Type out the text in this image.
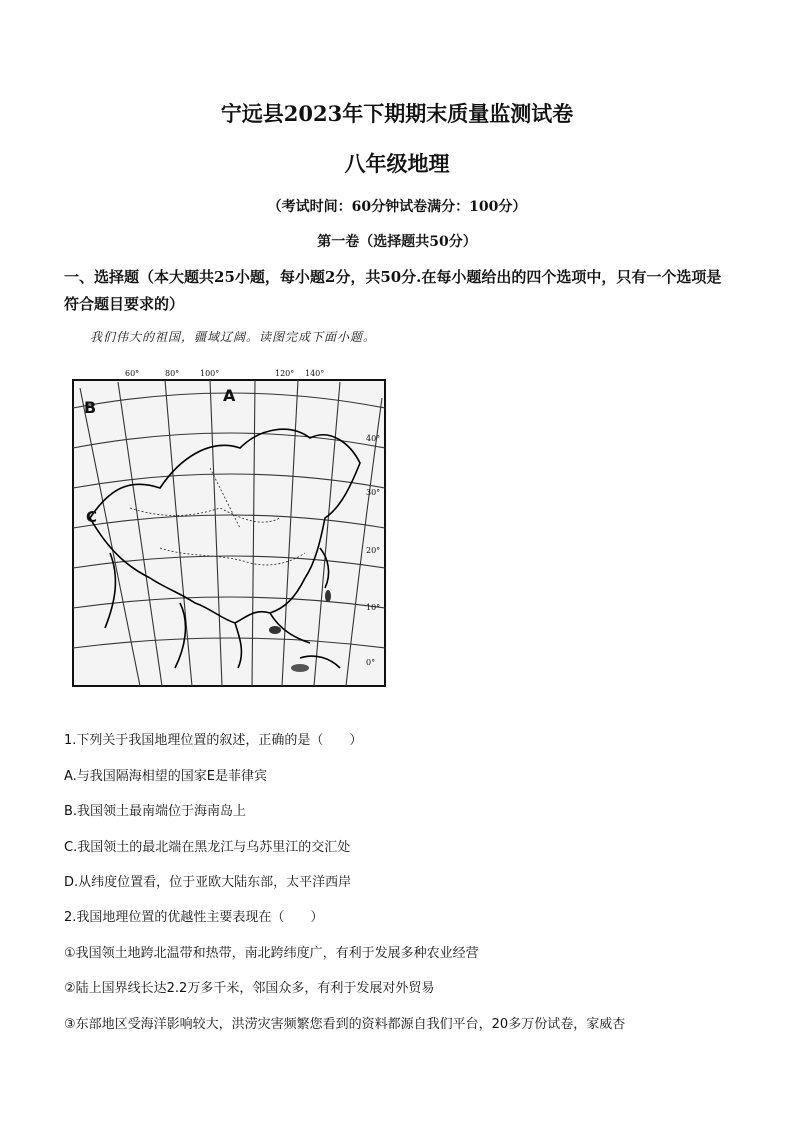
宁远县2023年下期期末质量监测试卷
八年级地理
（考试时间：60分钟试卷满分：100分）
第一卷（选择题共50分）
一、选择题（本大题共25小题，每小题2分，共50分.在每小题给出的四个选项中，只有一个选项是符合题目要求的）
我们伟大的祖国，疆域辽阔。读图完成下面小题。
B
A
C
60°	80°	100°	120° 140°
40°
30°
20°
10°
0°
1.下列关于我国地理位置的叙述，正确的是（　　）
A.与我国隔海相望的国家E是菲律宾
B.我国领土最南端位于海南岛上
C.我国领土的最北端在黑龙江与乌苏里江的交汇处
D.从纬度位置看，位于亚欧大陆东部，太平洋西岸
2.我国地理位置的优越性主要表现在（　　）
①我国领土地跨北温带和热带，南北跨纬度广，有利于发展多种农业经营
②陆上国界线长达2.2万多千米，邻国众多，有利于发展对外贸易
③东部地区受海洋影响较大，洪涝灾害频繁您看到的资料都源自我们平台，20多万份试卷，家威杏
